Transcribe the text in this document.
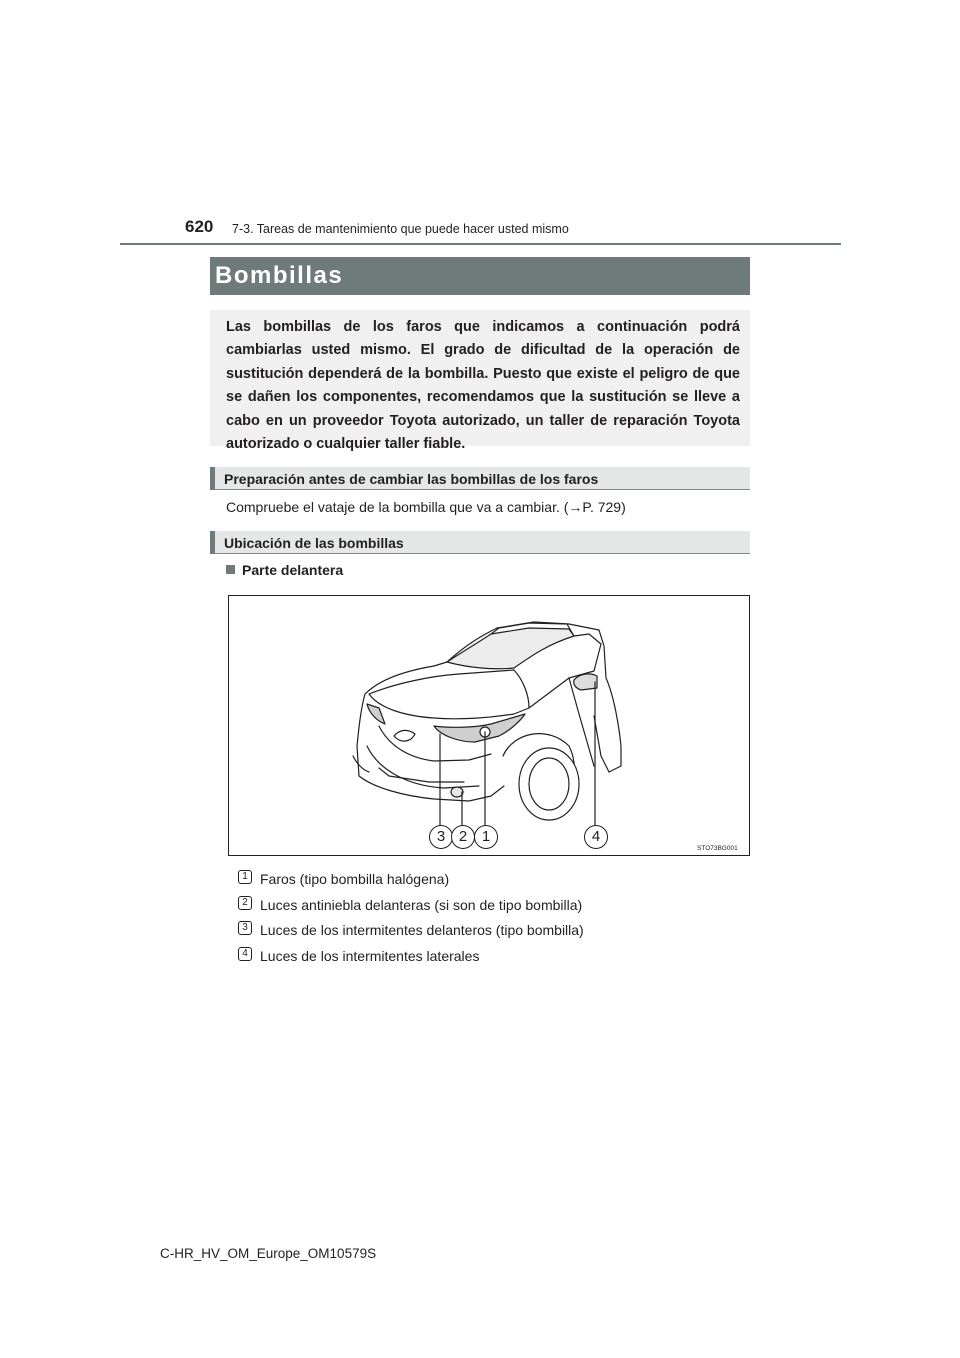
620 7-3. Tareas de mantenimiento que puede hacer usted mismo
Bombillas
Las bombillas de los faros que indicamos a continuación podrá cambiarlas usted mismo. El grado de dificultad de la operación de sustitución dependerá de la bombilla. Puesto que existe el peligro de que se dañen los componentes, recomendamos que la sustitución se lleve a cabo en un proveedor Toyota autorizado, un taller de reparación Toyota autorizado o cualquier taller fiable.
Preparación antes de cambiar las bombillas de los faros
Compruebe el vataje de la bombilla que va a cambiar. (→P. 729)
Ubicación de las bombillas
Parte delantera
3 2 1	4
STO73BG001
1 Faros (tipo bombilla halógena)
2 Luces antiniebla delanteras (si son de tipo bombilla)
3 Luces de los intermitentes delanteros (tipo bombilla)
4 Luces de los intermitentes laterales
C-HR_HV_OM_Europe_OM10579S
